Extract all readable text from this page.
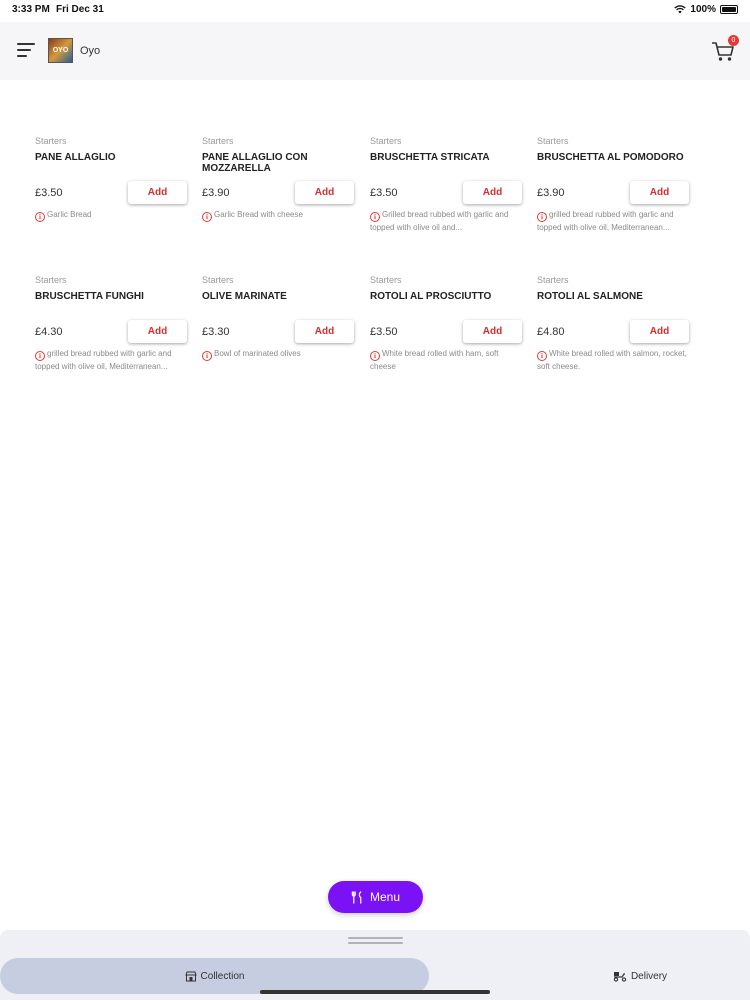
3:33 PM Fri Dec 31	100%
OYO	Oyo
0
Starters
PANE ALLAGLIO
£3.50	Add
i Garlic Bread
Starters
PANE ALLAGLIO CON MOZZARELLA
£3.90	Add
i Garlic Bread with cheese
Starters
BRUSCHETTA STRICATA
£3.50	Add
i Grilled bread rubbed with garlic and topped with olive oil and...
Starters
BRUSCHETTA AL POMODORO
£3.90	Add
i grilled bread rubbed with garlic and topped with olive oil, Mediterranean...
Starters
BRUSCHETTA FUNGHI
£4.30	Add
i grilled bread rubbed with garlic and topped with olive oil, Mediterranean...
Starters
OLIVE MARINATE
£3.30	Add
i Bowl of marinated olives
Starters
ROTOLI AL PROSCIUTTO
£3.50	Add
i White bread rolled with ham, soft cheese
Starters
ROTOLI AL SALMONE
£4.80	Add
i White bread rolled with salmon, rocket, soft cheese.
Menu
Collection	Delivery
